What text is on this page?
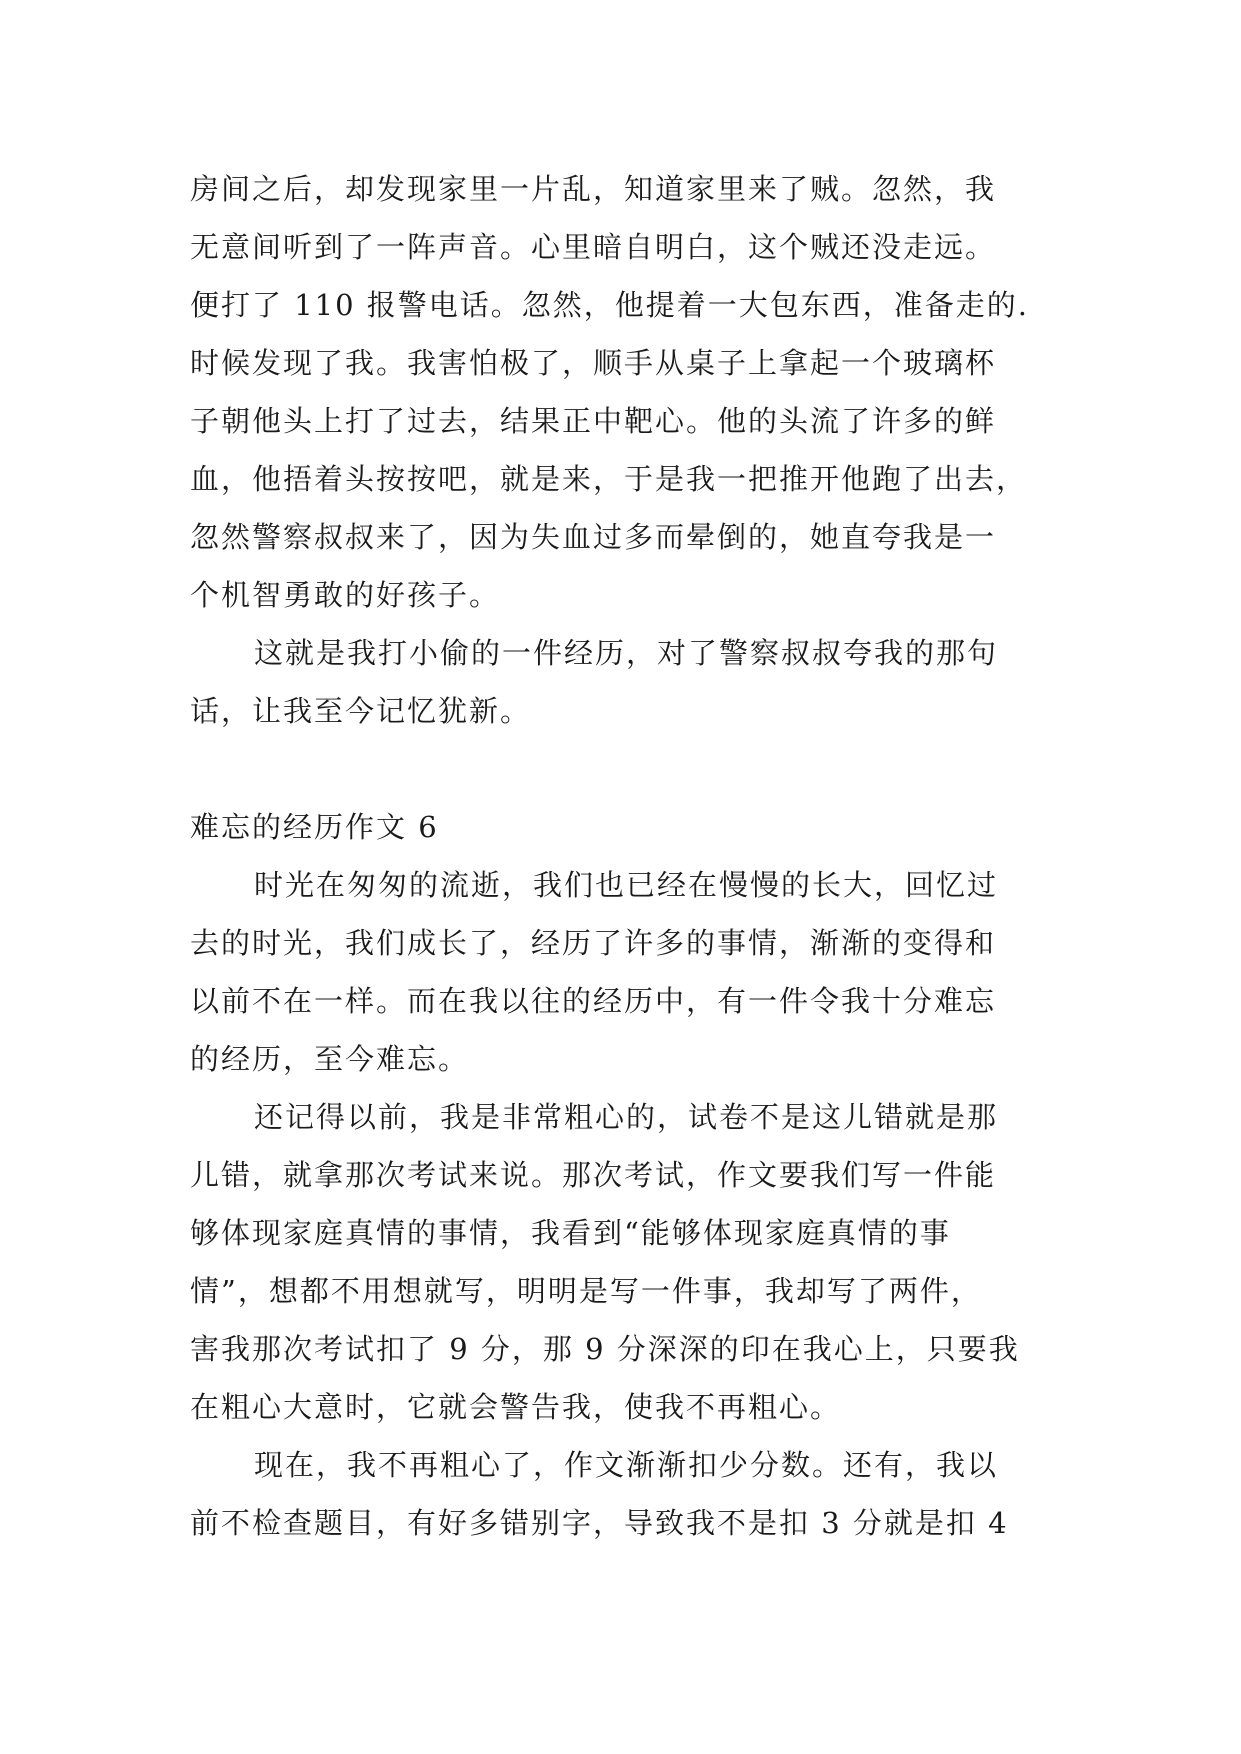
房间之后，却发现家里一片乱，知道家里来了贼。忽然，我
无意间听到了一阵声音。心里暗自明白，这个贼还没走远。
便打了 110 报警电话。忽然，他提着一大包东西，准备走的.
时候发现了我。我害怕极了，顺手从桌子上拿起一个玻璃杯
子朝他头上打了过去，结果正中靶心。他的头流了许多的鲜
血，他捂着头按按吧，就是来，于是我一把推开他跑了出去，
忽然警察叔叔来了，因为失血过多而晕倒的，她直夸我是一
个机智勇敢的好孩子。
这就是我打小偷的一件经历，对了警察叔叔夸我的那句
话，让我至今记忆犹新。
难忘的经历作文 6
时光在匆匆的流逝，我们也已经在慢慢的长大，回忆过
去的时光，我们成长了，经历了许多的事情，渐渐的变得和
以前不在一样。而在我以往的经历中，有一件令我十分难忘
的经历，至今难忘。
还记得以前，我是非常粗心的，试卷不是这儿错就是那
儿错，就拿那次考试来说。那次考试，作文要我们写一件能
够体现家庭真情的事情，我看到“能够体现家庭真情的事
情”，想都不用想就写，明明是写一件事，我却写了两件，
害我那次考试扣了 9 分，那 9 分深深的印在我心上，只要我
在粗心大意时，它就会警告我，使我不再粗心。
现在，我不再粗心了，作文渐渐扣少分数。还有，我以
前不检查题目，有好多错别字，导致我不是扣 3 分就是扣 4
